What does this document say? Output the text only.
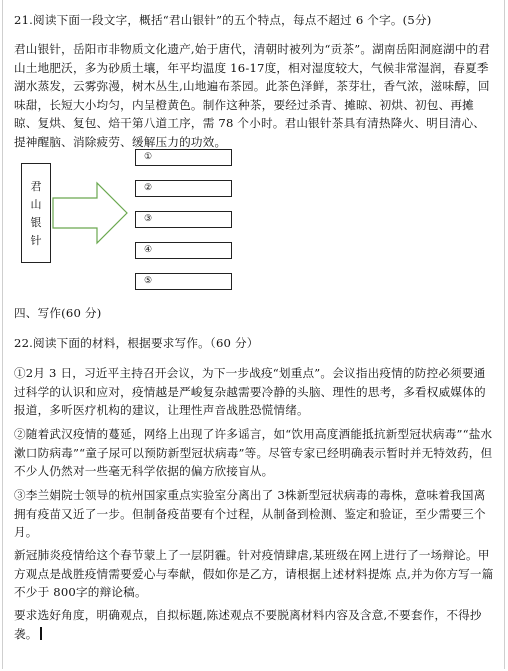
21.阅读下面一段文字，概括“君山银针”的五个特点，每点不超过 6 个字。(5分)
君山银针，岳阳市非物质文化遗产,始于唐代，清朝时被列为“贡茶”。湖南岳阳洞庭湖中的君山土地肥沃，多为砂质土壤，年平均温度 16-17度，相对湿度较大，气候非常湿润，春夏季湖水蒸发，云雾弥漫，树木丛生,山地遍布茶园。此茶色泽鲜，茶芽壮，香气浓，滋味醇，回味甜，长短大小均匀，内呈橙黄色。制作这种茶，要经过杀青、摊晾、初烘、初包、再摊晾、复烘、复包、焙干第八道工序，需 78 个小时。君山银针茶具有清热降火、明目清心、提神醒脑、消除疲劳、缓解压力的功效。
君
山
银
针
①
②
③
④
⑤
四、写作(60 分)
22.阅读下面的材料，根据要求写作。（60 分）
①2月 3 日，习近平主持召开会议，为下一步战疫“划重点”。会议指出疫情的防控必须要通过科学的认识和应对，疫情越是严峻复杂越需要冷静的头脑、理性的思考，多看权威媒体的报道，多听医疗机构的建议，让理性声音战胜恐慌情绪。
②随着武汉疫情的蔓延，网络上出现了许多谣言，如“饮用高度酒能抵抗新型冠状病毒”“盐水漱口防病毒”“童子尿可以预防新型冠状病毒”等。尽管专家已经明确表示暂时并无特效药，但不少人仍然对一些毫无科学依据的偏方欣接盲从。
③李兰娟院士领导的杭州国家重点实验室分离出了 3株新型冠状病毒的毒株，意味着我国离拥有疫苗又近了一步。但制备疫苗要有个过程，从制备到检测、鉴定和验证，至少需要三个月。
新冠肺炎疫情给这个春节蒙上了一层阴霾。针对疫情肆虐,某班级在网上进行了一场辩论。甲方观点是战胜疫情需要爱心与奉献，假如你是乙方，请根据上述材料提炼 点,并为你方写一篇不少于 800字的辩论稿。
要求选好角度，明确观点，自拟标题,陈述观点不要脱离材料内容及含意,不要套作，不得抄袭。
